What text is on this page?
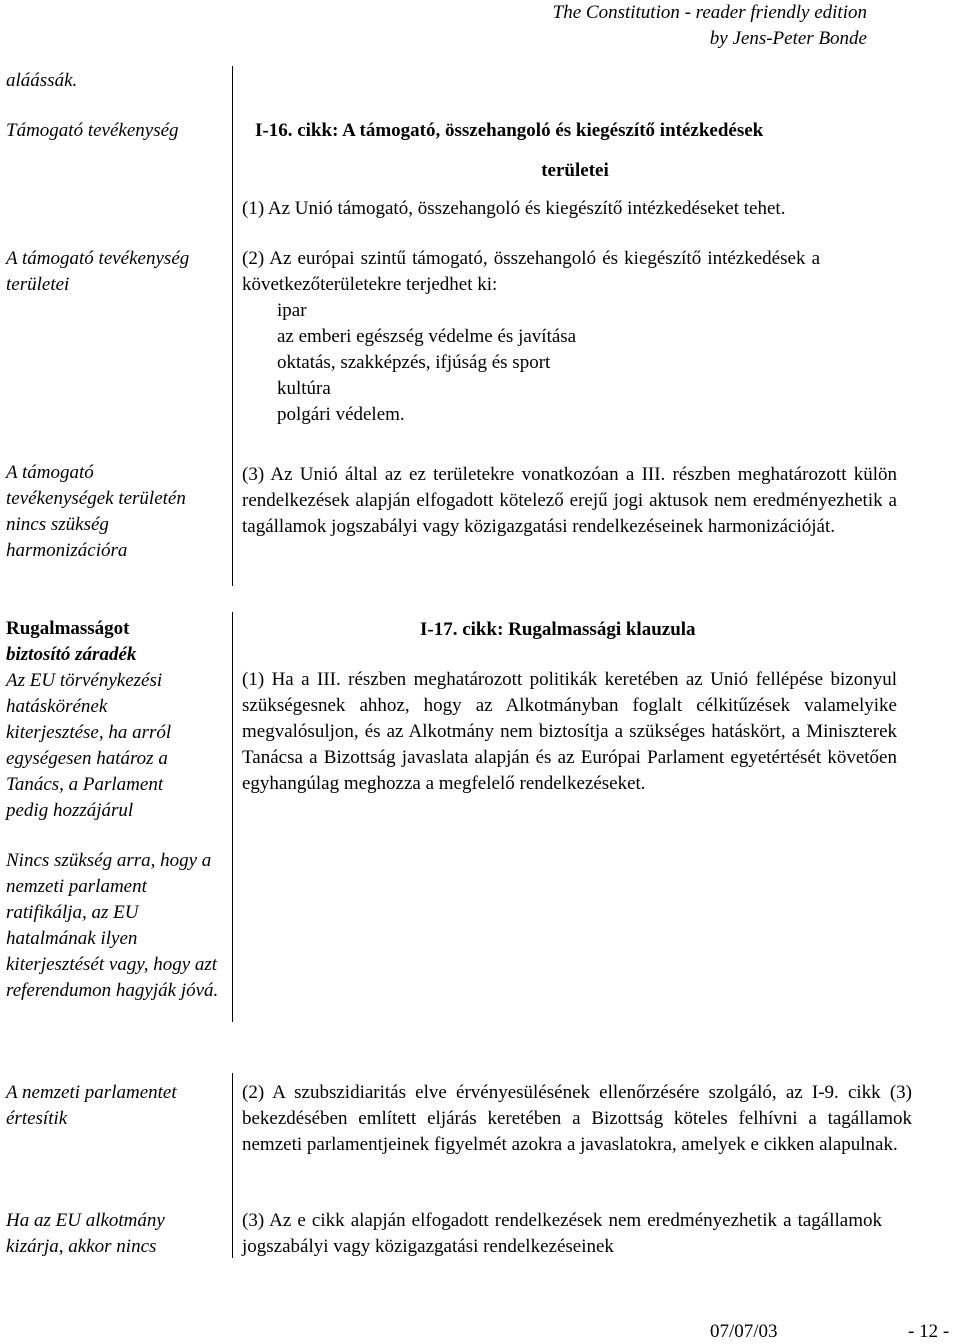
The Constitution - reader friendly edition
by Jens-Peter Bonde
aláássák.
Támogató tevékenység
A támogató tevékenység területei
A támogató tevékenységek területén nincs szükség harmonizációra
Rugalmasságot
biztosító záradék
Az EU törvénykezési hatáskörének kiterjesztése, ha arról egységesen határoz a Tanács, a Parlament pedig hozzájárul
Nincs szükség arra, hogy a nemzeti parlament ratifikálja, az EU hatalmának ilyen kiterjesztését vagy, hogy azt referendumon hagyják jóvá.
A nemzeti parlamentet értesítik
Ha az EU alkotmány kizárja, akkor nincs
I-16. cikk: A támogató, összehangoló és kiegészítő intézkedések
területei
(1) Az Unió támogató, összehangoló és kiegészítő intézkedéseket tehet.
(2) Az európai szintű támogató, összehangoló és kiegészítő intézkedések a következőterületekre terjedhet ki:
ipar
az emberi egészség védelme és javítása
oktatás, szakképzés, ifjúság és sport
kultúra
polgári védelem.
(3) Az Unió által az ez területekre vonatkozóan a III. részben meghatározott külön rendelkezések alapján elfogadott kötelező erejű jogi aktusok nem eredményezhetik a tagállamok jogszabályi vagy közigazgatási rendelkezéseinek harmonizációját.
I-17. cikk: Rugalmassági klauzula
(1) Ha a III. részben meghatározott politikák keretében az Unió fellépése bizonyul szükségesnek ahhoz, hogy az Alkotmányban foglalt célkitűzések valamelyike megvalósuljon, és az Alkotmány nem biztosítja a szükséges hatáskört, a Miniszterek Tanácsa a Bizottság javaslata alapján és az Európai Parlament egyetértését követően egyhangúlag meghozza a megfelelő rendelkezéseket.
(2) A szubszidiaritás elve érvényesülésének ellenőrzésére szolgáló, az I-9. cikk (3) bekezdésében említett eljárás keretében a Bizottság köteles felhívni a tagállamok nemzeti parlamentjeinek figyelmét azokra a javaslatokra, amelyek e cikken alapulnak.
(3) Az e cikk alapján elfogadott rendelkezések nem eredményezhetik a tagállamok jogszabályi vagy közigazgatási rendelkezéseinek
07/07/03	- 12 -
